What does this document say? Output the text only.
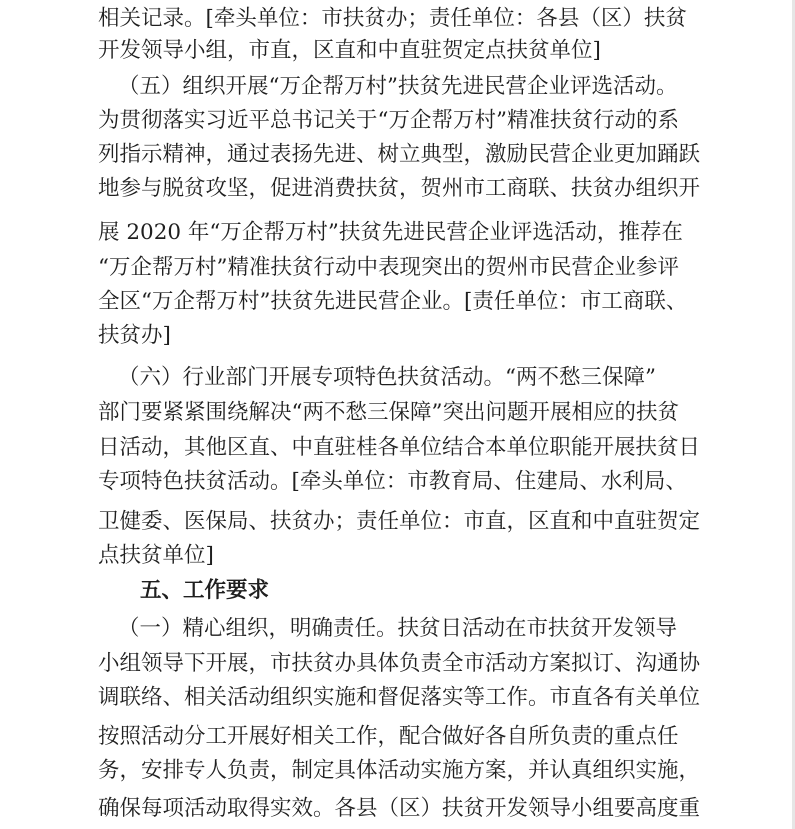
相关记录。[牵头单位：市扶贫办；责任单位：各县（区）扶贫
开发领导小组，市直，区直和中直驻贺定点扶贫单位]
（五）组织开展“万企帮万村”扶贫先进民营企业评选活动。
为贯彻落实习近平总书记关于“万企帮万村”精准扶贫行动的系
列指示精神，通过表扬先进、树立典型，激励民营企业更加踊跃
地参与脱贫攻坚，促进消费扶贫，贺州市工商联、扶贫办组织开
展 2020 年“万企帮万村”扶贫先进民营企业评选活动，推荐在
“万企帮万村”精准扶贫行动中表现突出的贺州市民营企业参评
全区“万企帮万村”扶贫先进民营企业。[责任单位：市工商联、
扶贫办]
（六）行业部门开展专项特色扶贫活动。“两不愁三保障”
部门要紧紧围绕解决“两不愁三保障”突出问题开展相应的扶贫
日活动，其他区直、中直驻桂各单位结合本单位职能开展扶贫日
专项特色扶贫活动。[牵头单位：市教育局、住建局、水利局、
卫健委、医保局、扶贫办；责任单位：市直，区直和中直驻贺定
点扶贫单位]
五、工作要求
（一）精心组织，明确责任。扶贫日活动在市扶贫开发领导
小组领导下开展，市扶贫办具体负责全市活动方案拟订、沟通协
调联络、相关活动组织实施和督促落实等工作。市直各有关单位
按照活动分工开展好相关工作，配合做好各自所负责的重点任
务，安排专人负责，制定具体活动实施方案，并认真组织实施，
确保每项活动取得实效。各县（区）扶贫开发领导小组要高度重
